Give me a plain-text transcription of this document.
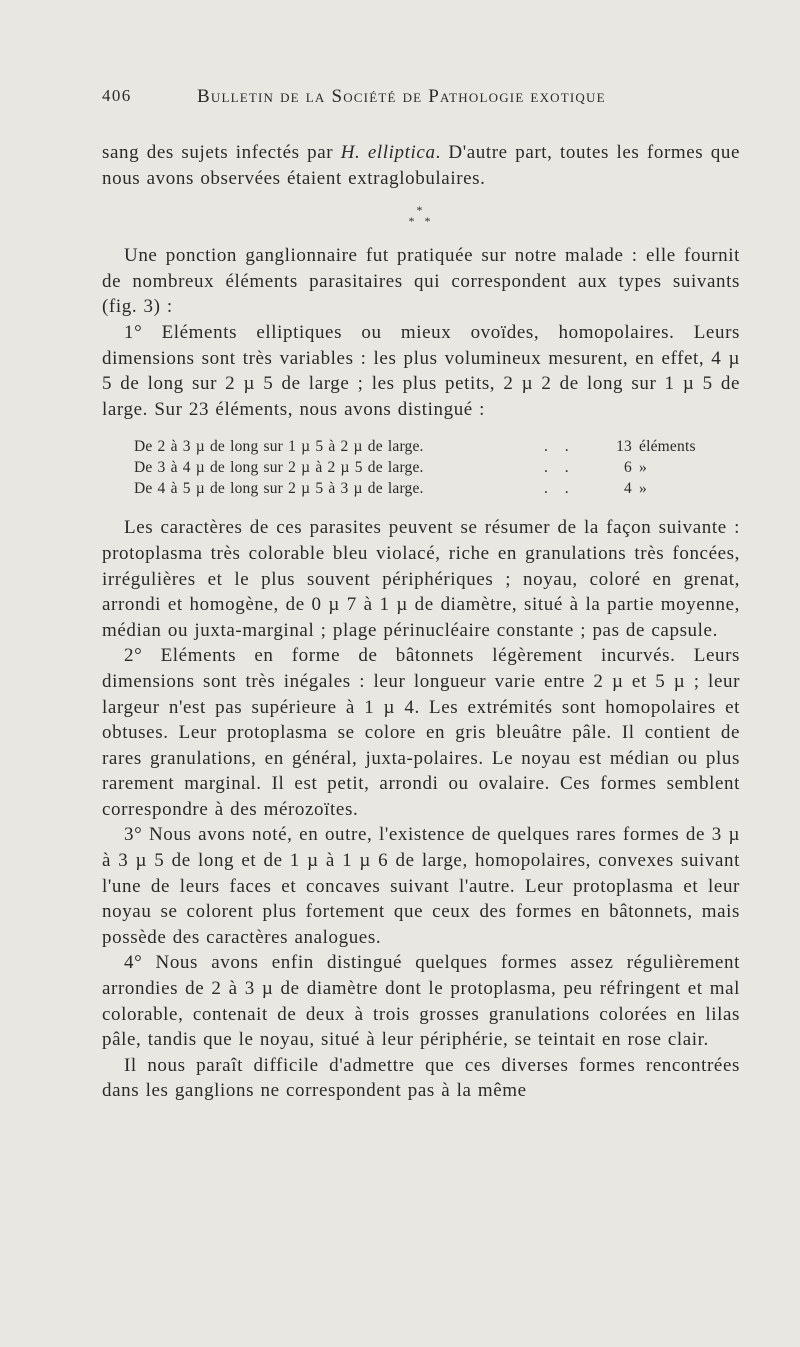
406	Bulletin de la Société de Pathologie exotique

sang des sujets infectés par H. elliptica. D'autre part, toutes les formes que nous avons observées étaient extraglobulaires.

*
* *

Une ponction ganglionnaire fut pratiquée sur notre malade : elle fournit de nombreux éléments parasitaires qui correspondent aux types suivants (fig. 3) :

1° Eléments elliptiques ou mieux ovoïdes, homopolaires. Leurs dimensions sont très variables : les plus volumineux mesurent, en effet, 4 µ 5 de long sur 2 µ 5 de large ; les plus petits, 2 µ 2 de long sur 1 µ 5 de large. Sur 23 éléments, nous avons distingué :

De 2 à 3 µ de long sur 1 µ 5 à 2 µ de large.	. .	13 éléments
De 3 à 4 µ de long sur 2 µ à 2 µ 5 de large.	. .	6 »
De 4 à 5 µ de long sur 2 µ 5 à 3 µ de large.	. .	4 »

Les caractères de ces parasites peuvent se résumer de la façon suivante : protoplasma très colorable bleu violacé, riche en granulations très foncées, irrégulières et le plus souvent périphériques ; noyau, coloré en grenat, arrondi et homogène, de 0 µ 7 à 1 µ de diamètre, situé à la partie moyenne, médian ou juxta-marginal ; plage périnucléaire constante ; pas de capsule.

2° Eléments en forme de bâtonnets légèrement incurvés. Leurs dimensions sont très inégales : leur longueur varie entre 2 µ et 5 µ ; leur largeur n'est pas supérieure à 1 µ 4. Les extrémités sont homopolaires et obtuses. Leur protoplasma se colore en gris bleuâtre pâle. Il contient de rares granulations, en général, juxta-polaires. Le noyau est médian ou plus rarement marginal. Il est petit, arrondi ou ovalaire. Ces formes semblent correspondre à des mérozoïtes.

3° Nous avons noté, en outre, l'existence de quelques rares formes de 3 µ à 3 µ 5 de long et de 1 µ à 1 µ 6 de large, homopolaires, convexes suivant l'une de leurs faces et concaves suivant l'autre. Leur protoplasma et leur noyau se colorent plus fortement que ceux des formes en bâtonnets, mais possède des caractères analogues.

4° Nous avons enfin distingué quelques formes assez régulièrement arrondies de 2 à 3 µ de diamètre dont le protoplasma, peu réfringent et mal colorable, contenait de deux à trois grosses granulations colorées en lilas pâle, tandis que le noyau, situé à leur périphérie, se teintait en rose clair.

Il nous paraît difficile d'admettre que ces diverses formes rencontrées dans les ganglions ne correspondent pas à la même
